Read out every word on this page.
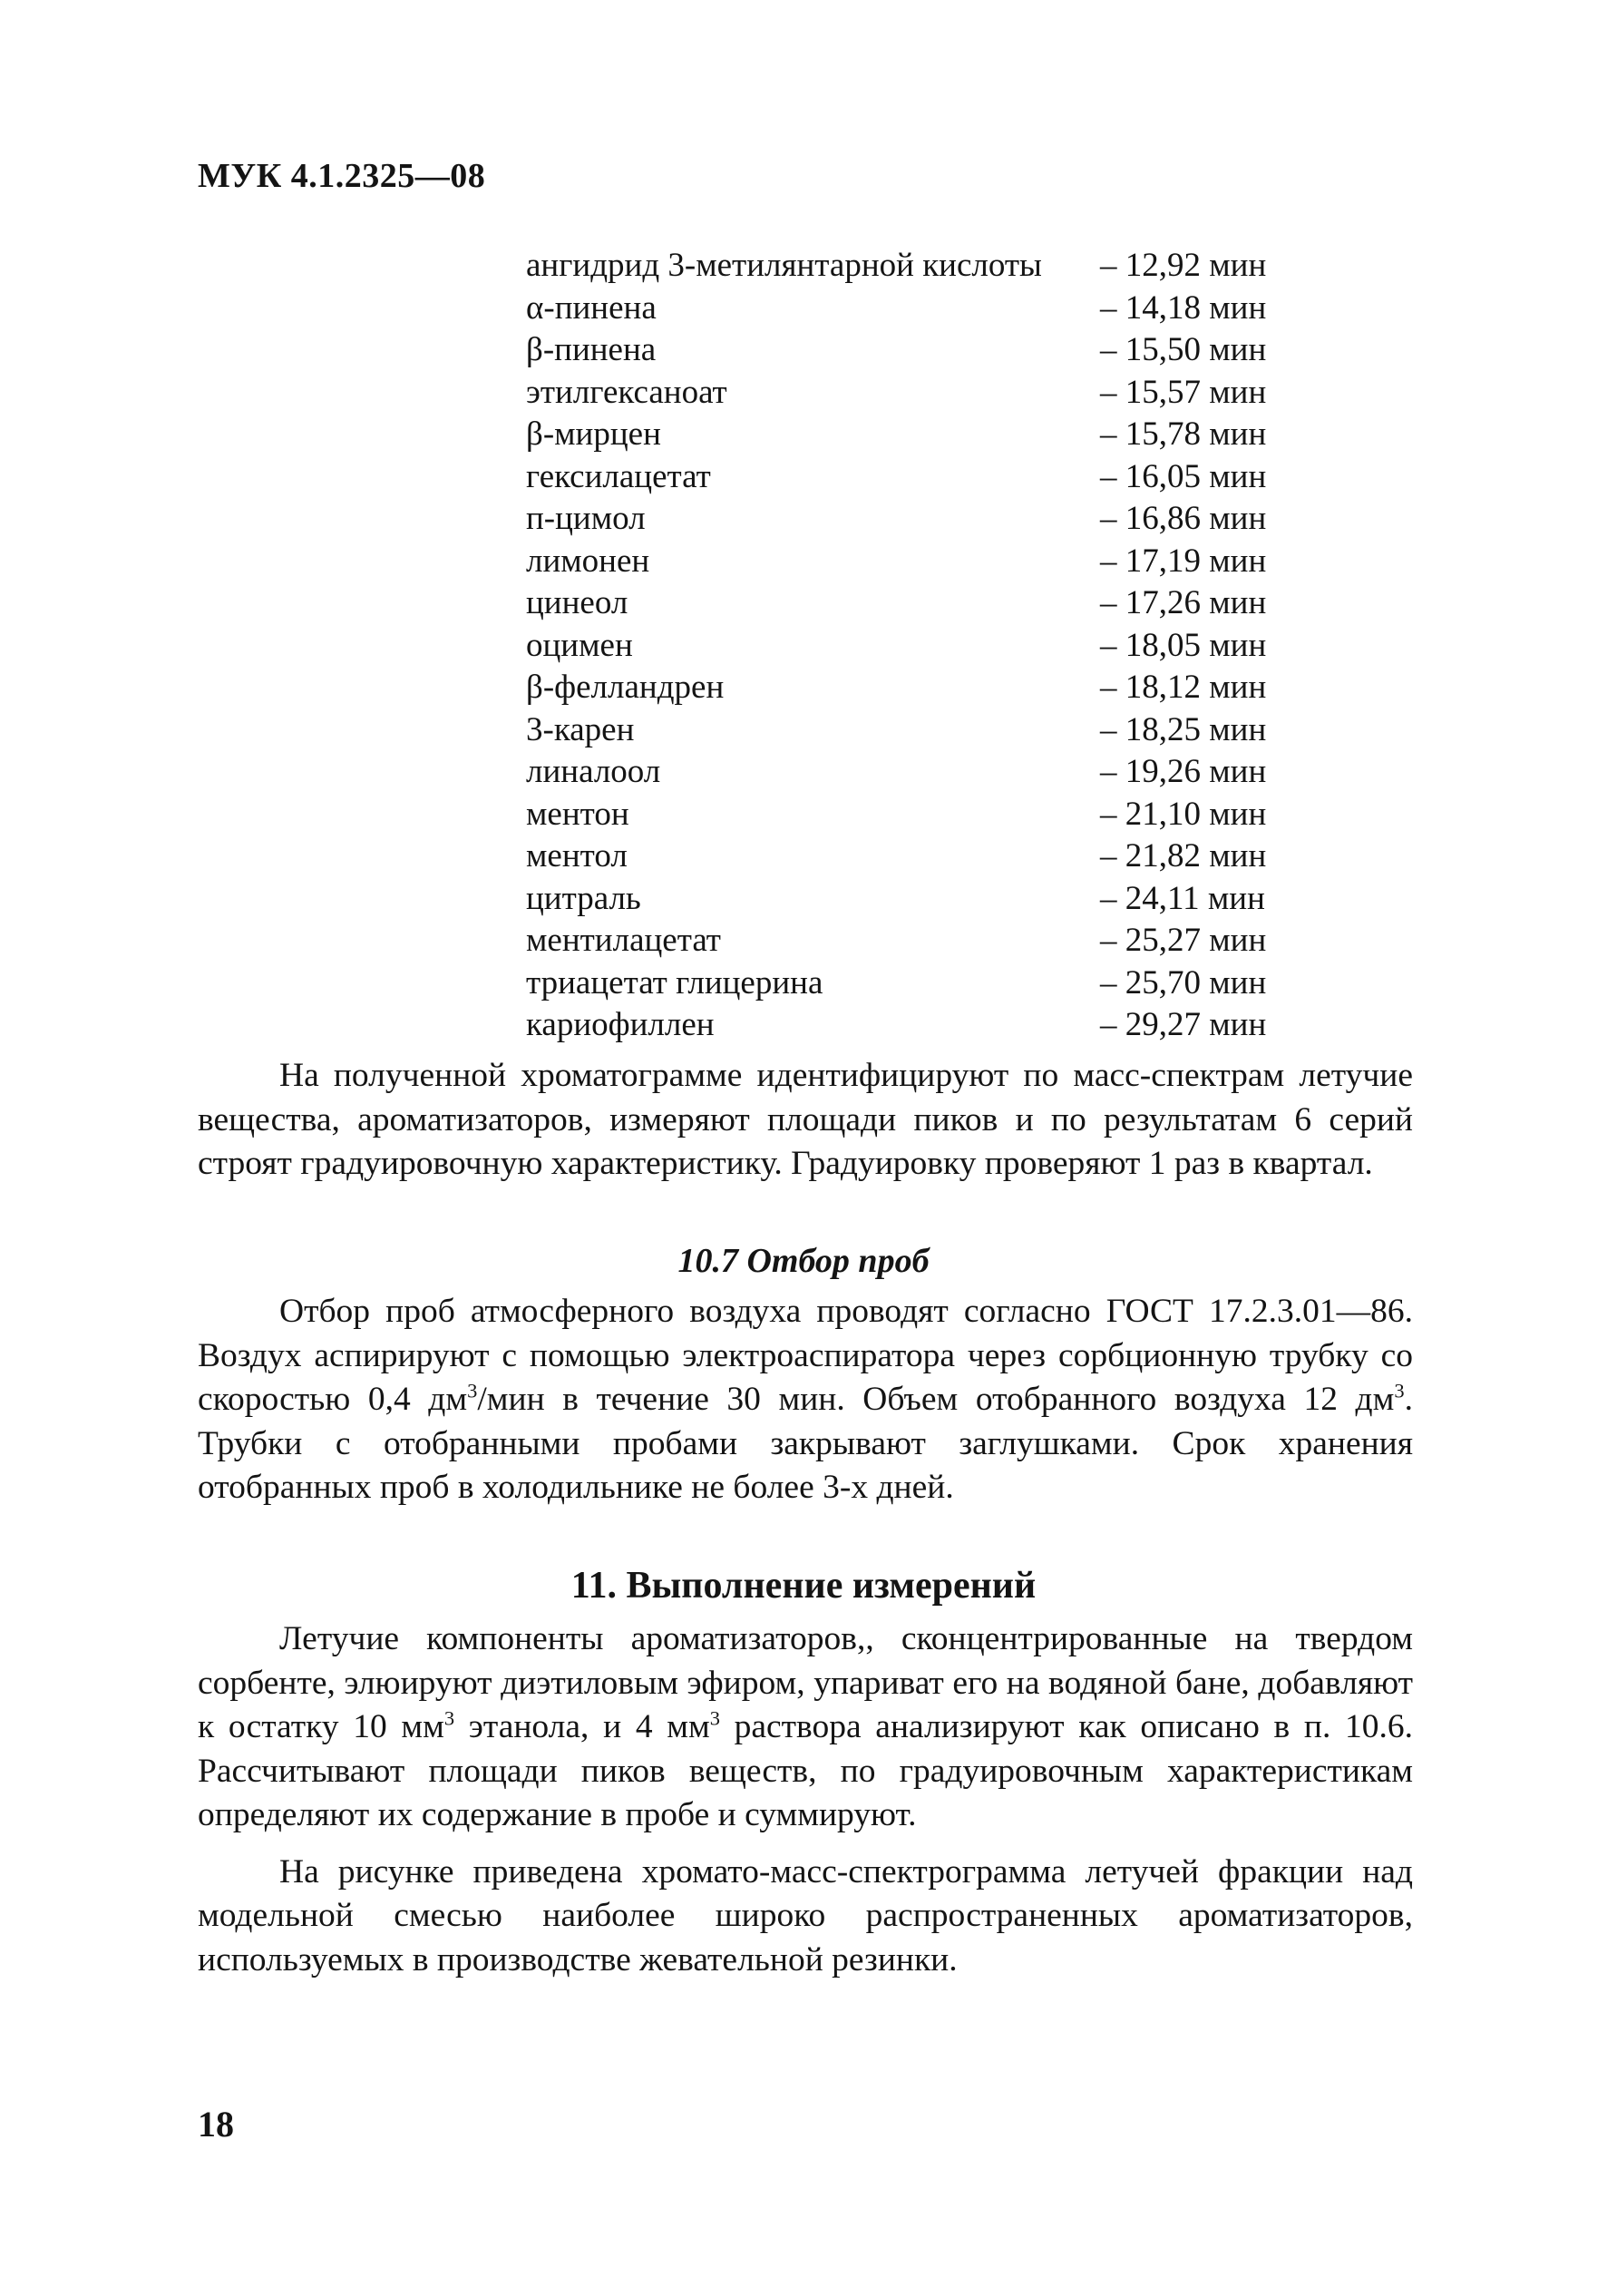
МУК 4.1.2325—08
ангидрид 3-метилянтарной кислоты – 12,92 мин
α-пинена	– 14,18 мин
β-пинена	– 15,50 мин
этилгексаноат	– 15,57 мин
β-мирцен	– 15,78 мин
гексилацетат	– 16,05 мин
п-цимол	– 16,86 мин
лимонен	– 17,19 мин
цинеол	– 17,26 мин
оцимен	– 18,05 мин
β-фелландрен	– 18,12 мин
3-карен	– 18,25 мин
линалоол	– 19,26 мин
ментон	– 21,10 мин
ментол	– 21,82 мин
цитраль	– 24,11 мин
ментилацетат	– 25,27 мин
триацетат глицерина	– 25,70 мин
кариофиллен	– 29,27 мин

На полученной хроматограмме идентифицируют по масс-спектрам летучие вещества, ароматизаторов, измеряют площади пиков и по результатам 6 серий строят градуировочную характеристику. Градуировку проверяют 1 раз в квартал.

10.7 Отбор проб

Отбор проб атмосферного воздуха проводят согласно ГОСТ 17.2.3.01—86. Воздух аспирируют с помощью электроаспиратора через сорбционную трубку со скоростью 0,4 $дм^3$/мин в течение 30 мин. Объем отобранного воздуха 12 $дм^3$. Трубки с отобранными пробами закрывают заглушками. Срок хранения отобранных проб в холодильнике не более 3-х дней.

11. Выполнение измерений

Летучие компоненты ароматизаторов,, сконцентрированные на твердом сорбенте, элюируют диэтиловым эфиром, упариват его на водяной бане, добавляют к остатку 10 $мм^3$ этанола, и 4 $мм^3$ раствора анализируют как описано в п. 10.6. Рассчитывают площади пиков веществ, по градуировочным характеристикам определяют их содержание в пробе и суммируют.

На рисунке приведена хромато-масс-спектрограмма летучей фракции над модельной смесью наиболее широко распространенных ароматизаторов, используемых в производстве жевательной резинки.

18
